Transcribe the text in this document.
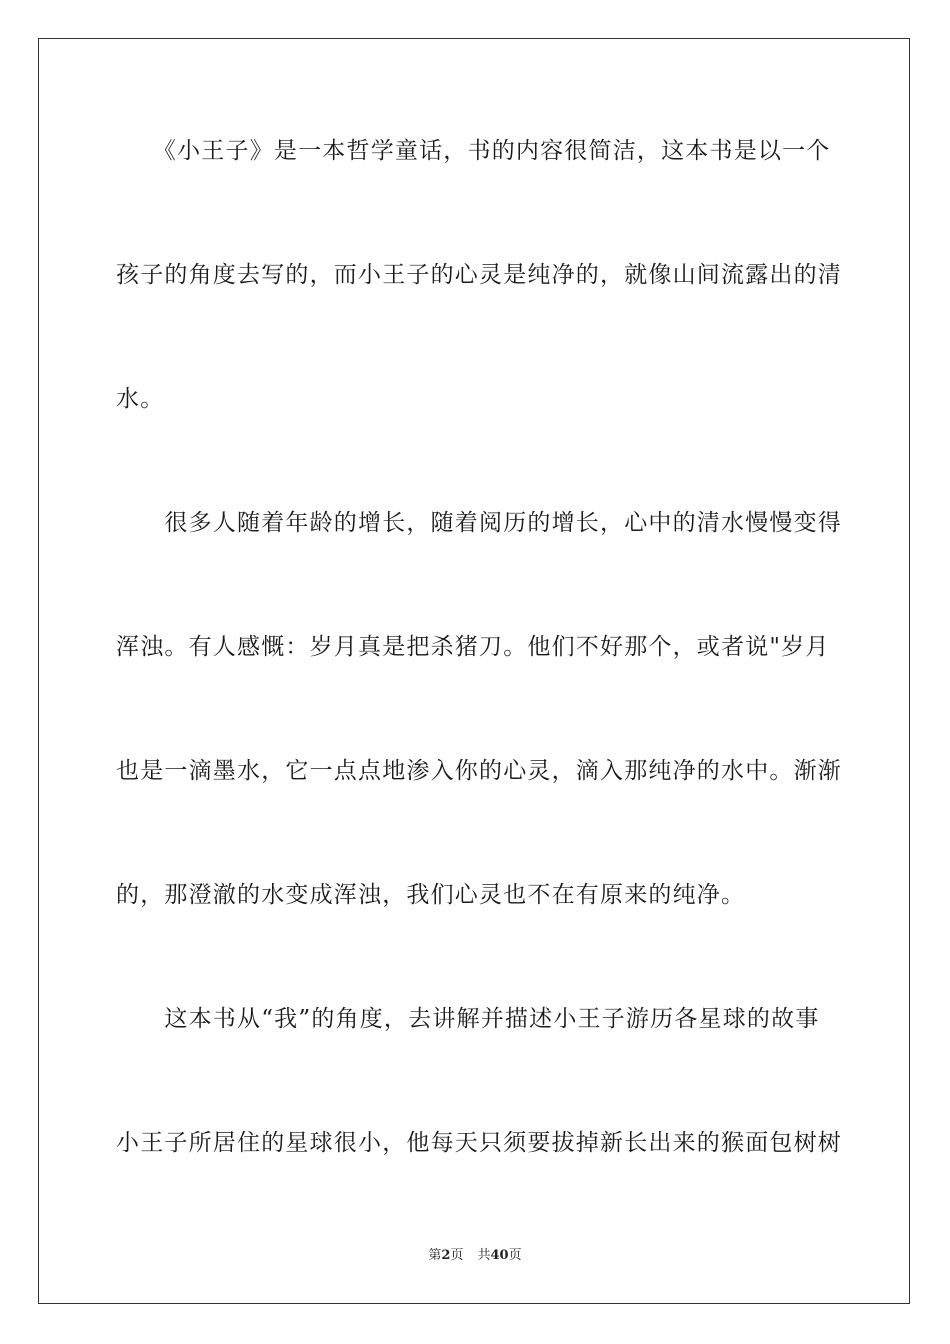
　　《小王子》是一本哲学童话，书的内容很简洁，这本书是以一个
孩子的角度去写的，而小王子的心灵是纯净的，就像山间流露出的清
水。
　　很多人随着年龄的增长，随着阅历的增长，心中的清水慢慢变得
浑浊。有人感慨：岁月真是把杀猪刀。他们不好那个，或者说"岁月
也是一滴墨水，它一点点地渗入你的心灵，滴入那纯净的水中。渐渐
的，那澄澈的水变成浑浊，我们心灵也不在有原来的纯净。
　　这本书从“我”的角度，去讲解并描述小王子游历各星球的故事
小王子所居住的星球很小，他每天只须要拔掉新长出来的猴面包树树
第2页 共40页
